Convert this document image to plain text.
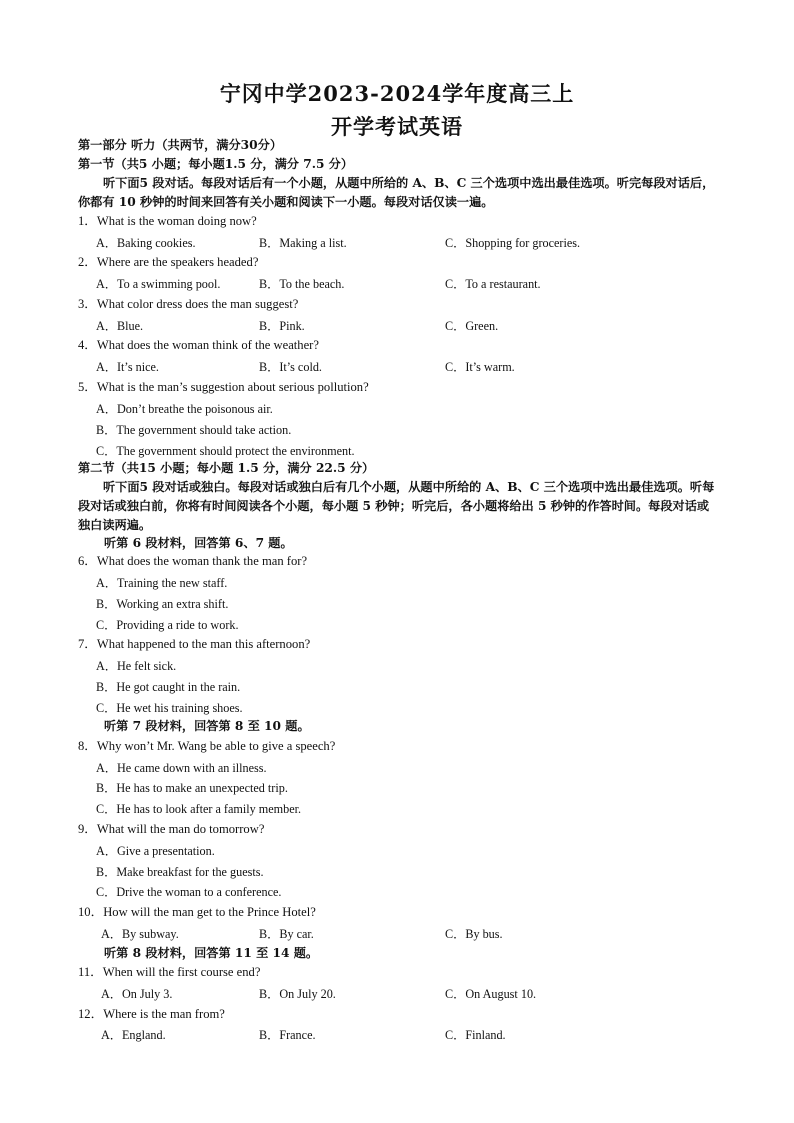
宁冈中学2023-2024学年度高三上
开学考试英语
第一部分 听力（共两节，满分30分）
第一节（共5 小题；每小题1.5 分，满分 7.5 分）
听下面5 段对话。每段对话后有一个小题，从题中所给的 A、B、C 三个选项中选出最佳选项。听完每段对话后，你都有 10 秒钟的时间来回答有关小题和阅读下一小题。每段对话仅读一遍。
1．What is the woman doing now?
A．Baking cookies.	B．Making a list.	C．Shopping for groceries.
2．Where are the speakers headed?
A．To a swimming pool.	B．To the beach.	C．To a restaurant.
3．What color dress does the man suggest?
A．Blue.	B．Pink.	C．Green.
4．What does the woman think of the weather?
A．It’s nice.	B．It’s cold.	C．It’s warm.
5．What is the man’s suggestion about serious pollution?
A．Don’t breathe the poisonous air.
B．The government should take action.
C．The government should protect the environment.
第二节（共15 小题；每小题 1.5 分，满分 22.5 分）
听下面5 段对话或独白。每段对话或独白后有几个小题，从题中所给的 A、B、C 三个选项中选出最佳选项。听每段对话或独白前，你将有时间阅读各个小题，每小题 5 秒钟；听完后，各小题将给出 5 秒钟的作答时间。每段对话或独白读两遍。
听第 6 段材料，回答第 6、7 题。
6．What does the woman thank the man for?
A．Training the new staff.
B．Working an extra shift.
C．Providing a ride to work.
7．What happened to the man this afternoon?
A．He felt sick.
B．He got caught in the rain.
C．He wet his training shoes.
听第 7 段材料，回答第 8 至 10 题。
8．Why won’t Mr. Wang be able to give a speech?
A．He came down with an illness.
B．He has to make an unexpected trip.
C．He has to look after a family member.
9．What will the man do tomorrow?
A．Give a presentation.
B．Make breakfast for the guests.
C．Drive the woman to a conference.
10．How will the man get to the Prince Hotel?
A．By subway.	B．By car.	C．By bus.
听第 8 段材料，回答第 11 至 14 题。
11．When will the first course end?
A．On July 3.	B．On July 20.	C．On August 10.
12．Where is the man from?
A．England.	B．France.	C．Finland.
